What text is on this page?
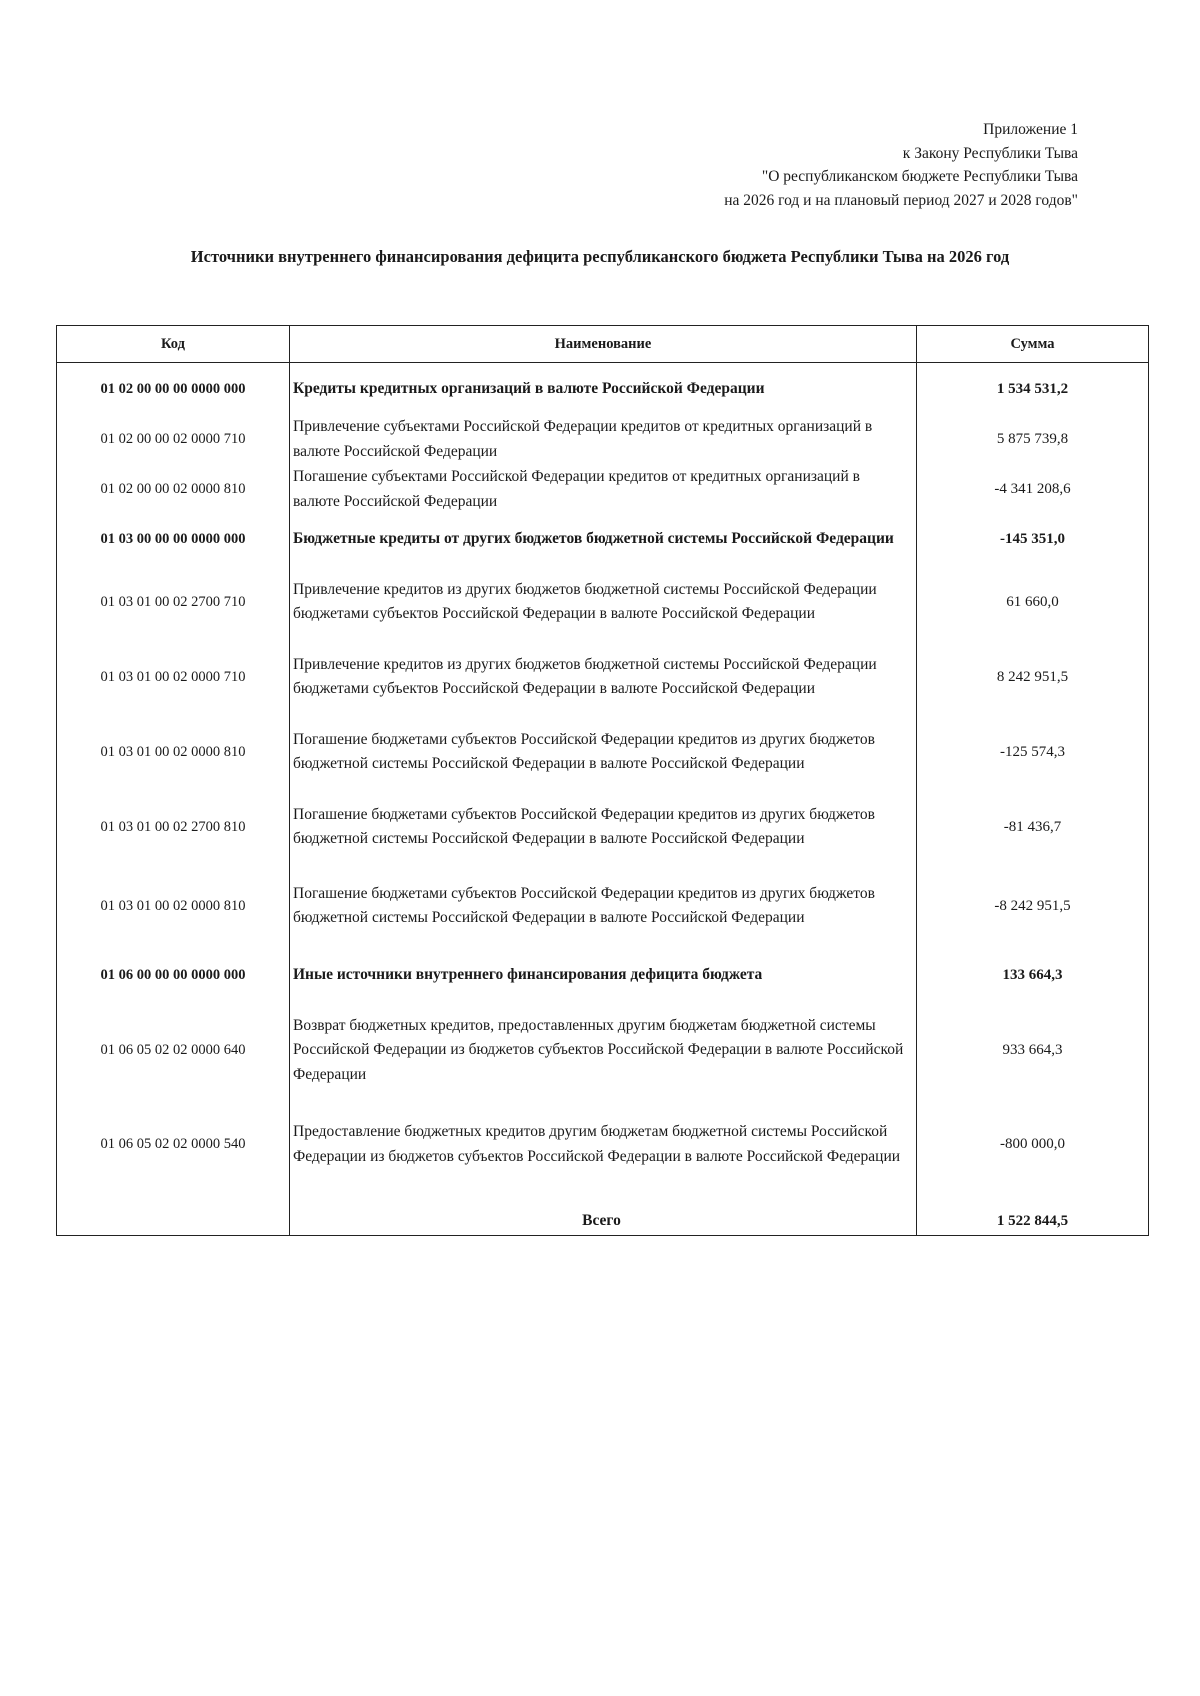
Приложение 1
к Закону Республики Тыва
"О республиканском бюджете Республики Тыва
на 2026 год и на плановый период 2027 и 2028 годов"
Источники внутреннего финансирования дефицита республиканского бюджета Республики Тыва на 2026 год
Код	Наименование	Сумма
01 02 00 00 00 0000 000	Кредиты кредитных организаций в валюте Российской Федерации	1 534 531,2
01 02 00 00 02 0000 710	Привлечение субъектами Российской Федерации кредитов от кредитных организаций в валюте Российской Федерации	5 875 739,8
01 02 00 00 02 0000 810	Погашение субъектами Российской Федерации кредитов от кредитных организаций в валюте Российской Федерации	-4 341 208,6
01 03 00 00 00 0000 000	Бюджетные кредиты от других бюджетов бюджетной системы Российской Федерации	-145 351,0
01 03 01 00 02 2700 710	Привлечение кредитов из других бюджетов бюджетной системы Российской Федерации бюджетами субъектов Российской Федерации в валюте Российской Федерации	61 660,0
01 03 01 00 02 0000 710	Привлечение кредитов из других бюджетов бюджетной системы Российской Федерации бюджетами субъектов Российской Федерации в валюте Российской Федерации	8 242 951,5
01 03 01 00 02 0000 810	Погашение бюджетами субъектов Российской Федерации кредитов из других бюджетов бюджетной системы Российской Федерации в валюте Российской Федерации	-125 574,3
01 03 01 00 02 2700 810	Погашение бюджетами субъектов Российской Федерации кредитов из других бюджетов бюджетной системы Российской Федерации в валюте Российской Федерации	-81 436,7
01 03 01 00 02 0000 810	Погашение бюджетами субъектов Российской Федерации кредитов из других бюджетов бюджетной системы Российской Федерации в валюте Российской Федерации	-8 242 951,5
01 06 00 00 00 0000 000	Иные источники внутреннего финансирования дефицита бюджета	133 664,3
01 06 05 02 02 0000 640	Возврат бюджетных кредитов, предоставленных другим бюджетам бюджетной системы Российской Федерации из бюджетов субъектов Российской Федерации в валюте Российской Федерации	933 664,3
01 06 05 02 02 0000 540	Предоставление бюджетных кредитов другим бюджетам бюджетной системы Российской Федерации из бюджетов субъектов Российской Федерации в валюте Российской Федерации	-800 000,0
	Всего	1 522 844,5
